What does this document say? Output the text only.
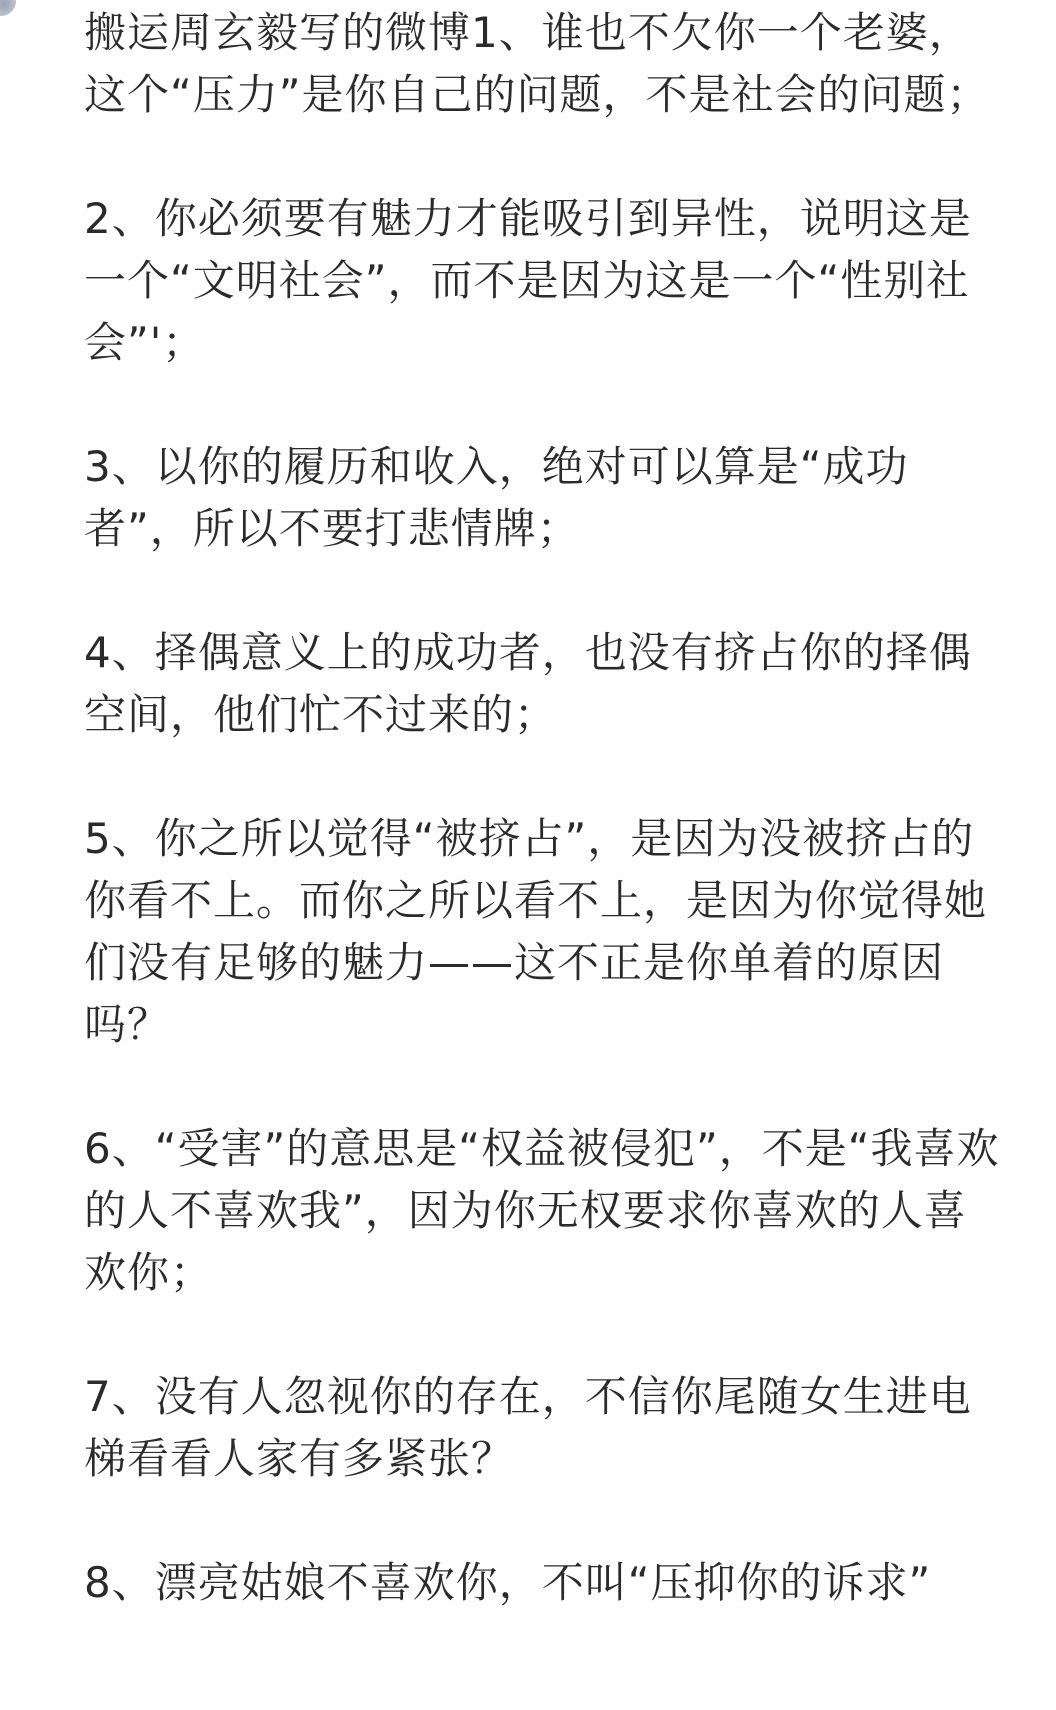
搬运周玄毅写的微博1、谁也不欠你一个老婆，这个“压力”是你自己的问题，不是社会的问题；

2、你必须要有魅力才能吸引到异性，说明这是一个“文明社会”，而不是因为这是一个“性别社会”'；

3、以你的履历和收入，绝对可以算是“成功者”，所以不要打悲情牌；

4、择偶意义上的成功者，也没有挤占你的择偶空间，他们忙不过来的；

5、你之所以觉得“被挤占”，是因为没被挤占的你看不上。而你之所以看不上，是因为你觉得她们没有足够的魅力——这不正是你单着的原因吗？

6、“受害”的意思是“权益被侵犯”，不是“我喜欢的人不喜欢我”，因为你无权要求你喜欢的人喜欢你；

7、没有人忽视你的存在，不信你尾随女生进电梯看看人家有多紧张？

8、漂亮姑娘不喜欢你，不叫“压抑你的诉求”
